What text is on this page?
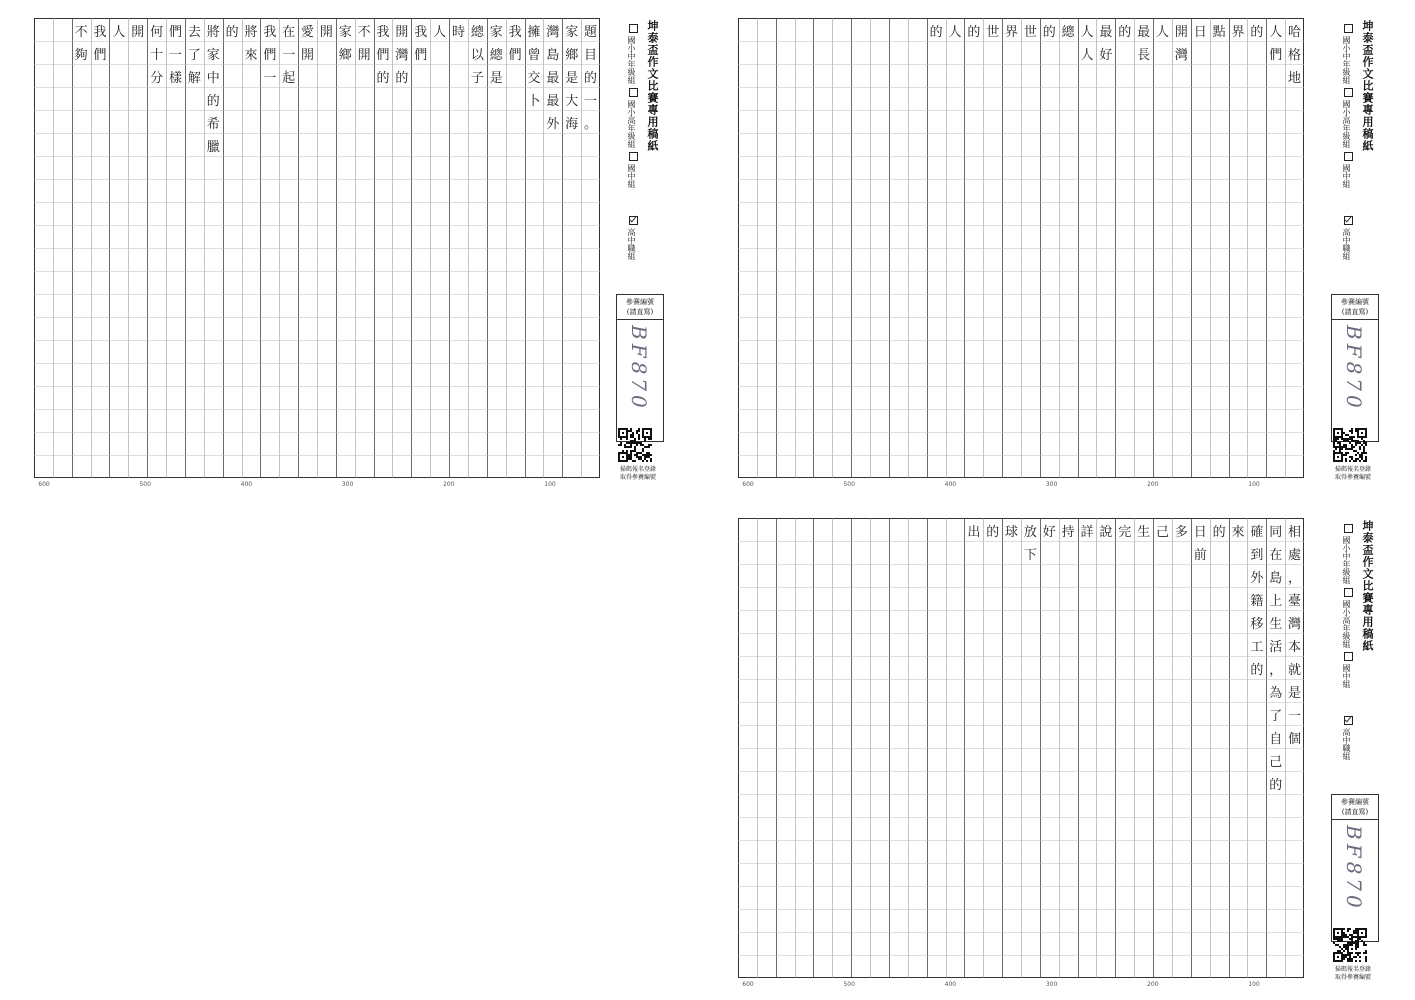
題
目
的
一
。
家
鄉
是
大
海
灣
島
最
最
外
擁
曾
交
卜
我
們
家
總
是
總
以
子
時
人
我
們
開
灣
的
我
們
的
不
開
家
鄉
開
愛
開
在
一
起
我
們
一
將
來
的
將
家
中
的
希
臘
去
了
解
們
一
樣
何
十
分
開
人
我
們
不
夠
600	500	400	300	200	100
坤泰盃作文比賽專用稿紙
參賽編號
(請直寫)
BF870
掃碼報名登錄
取得參賽編號
國小中年級組
國小高年級組
國中組
高中職組
哈
格
地
人
們
的
界
點
日
開
灣
人
最
長
的
最
好
人
人
總
的
世
界
世
的
人
的
600	500	400	300	200	100
坤泰盃作文比賽專用稿紙
參賽編號
(請直寫)
BF870
掃碼報名登錄
取得參賽編號
國小中年級組
國小高年級組
國中組
高中職組
相
處
，
臺
灣
本
就
是
一
個
同
在
島
上
生
活
，
為
了
自
己
的
確
到
外
籍
移
工
的
來
的
日
前
多
己
生
完
說
詳
持
好
放
下
球
的
出
600	500	400	300	200	100
坤泰盃作文比賽專用稿紙
參賽編號
(請直寫)
BF870
掃碼報名登錄
取得參賽編號
國小中年級組
國小高年級組
國中組
高中職組
